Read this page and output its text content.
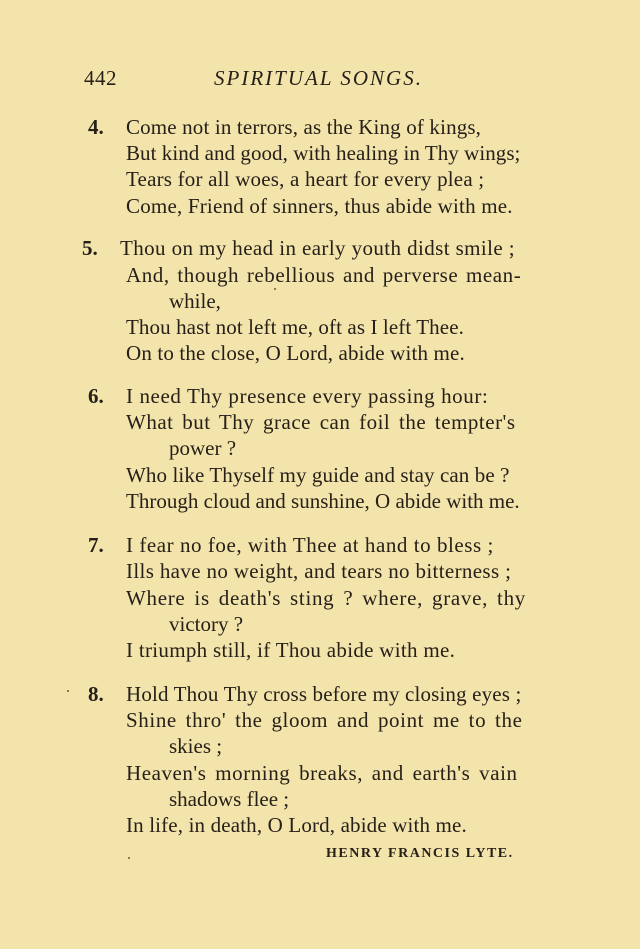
442	SPIRITUAL SONGS.
4. Come not in terrors, as the King of kings,
But kind and good, with healing in Thy wings;
Tears for all woes, a heart for every plea ;
Come, Friend of sinners, thus abide with me.
5. Thou on my head in early youth didst smile ;
And, though rebellious and perverse mean-
while,
Thou hast not left me, oft as I left Thee.
On to the close, O Lord, abide with me.
6. I need Thy presence every passing hour:
What but Thy grace can foil the tempter's
power ?
Who like Thyself my guide and stay can be ?
Through cloud and sunshine, O abide with me.
7. I fear no foe, with Thee at hand to bless ;
Ills have no weight, and tears no bitterness ;
Where is death's sting ? where, grave, thy
victory ?
I triumph still, if Thou abide with me.
8. Hold Thou Thy cross before my closing eyes ;
Shine thro' the gloom and point me to the
skies ;
Heaven's morning breaks, and earth's vain
shadows flee ;
In life, in death, O Lord, abide with me.
HENRY FRANCIS LYTE.
